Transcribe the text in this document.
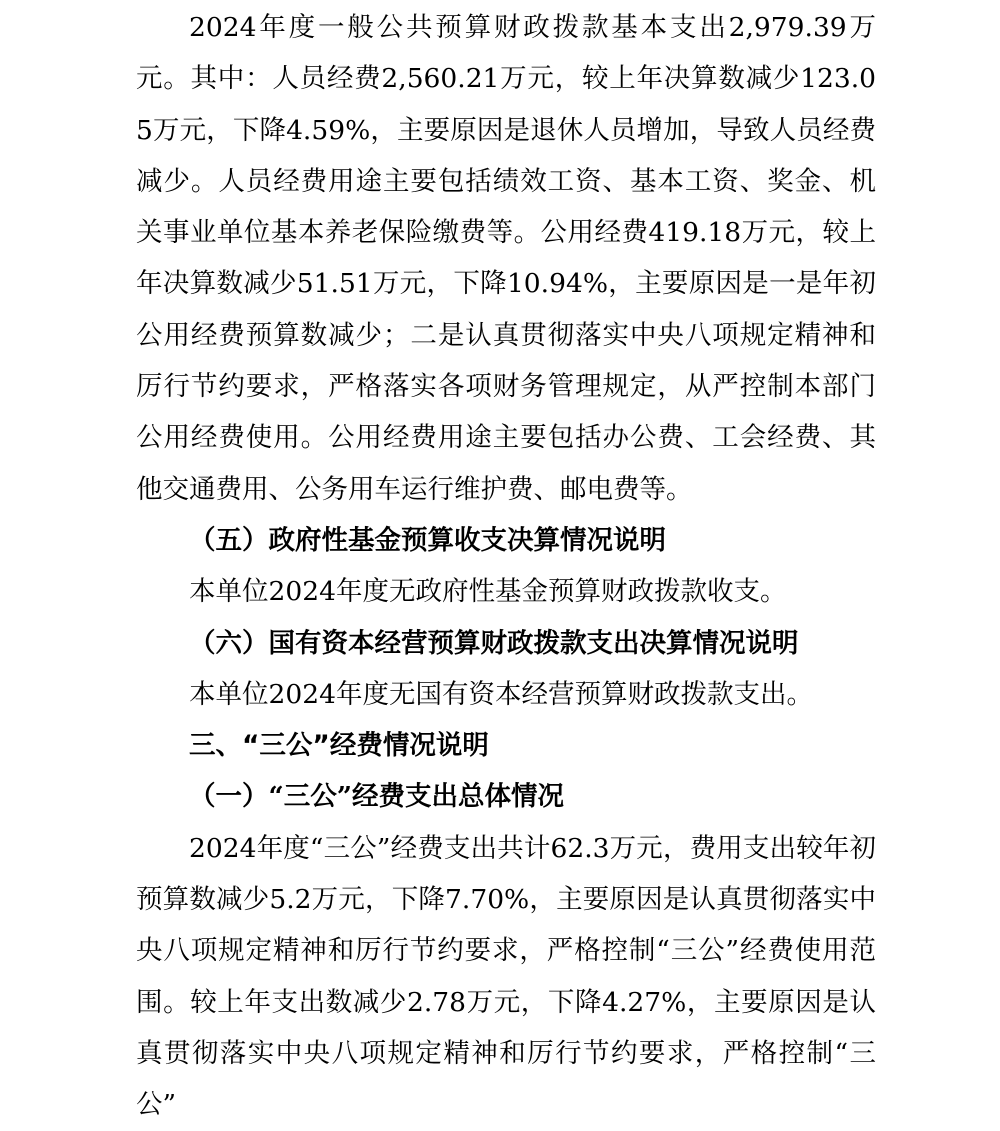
2024年度一般公共预算财政拨款基本支出2,979.39万元。其中：人员经费2,560.21万元，较上年决算数减少123.05万元，下降4.59%，主要原因是退休人员增加，导致人员经费减少。人员经费用途主要包括绩效工资、基本工资、奖金、机关事业单位基本养老保险缴费等。公用经费419.18万元，较上年决算数减少51.51万元，下降10.94%，主要原因是一是年初公用经费预算数减少；二是认真贯彻落实中央八项规定精神和厉行节约要求，严格落实各项财务管理规定，从严控制本部门公用经费使用。公用经费用途主要包括办公费、工会经费、其他交通费用、公务用车运行维护费、邮电费等。

（五）政府性基金预算收支决算情况说明

本单位2024年度无政府性基金预算财政拨款收支。

（六）国有资本经营预算财政拨款支出决算情况说明

本单位2024年度无国有资本经营预算财政拨款支出。

三、“三公”经费情况说明

（一）“三公”经费支出总体情况

2024年度“三公”经费支出共计62.3万元，费用支出较年初预算数减少5.2万元，下降7.70%，主要原因是认真贯彻落实中央八项规定精神和厉行节约要求，严格控制“三公”经费使用范围。较上年支出数减少2.78万元，下降4.27%，主要原因是认真贯彻落实中央八项规定精神和厉行节约要求，严格控制“三公”
